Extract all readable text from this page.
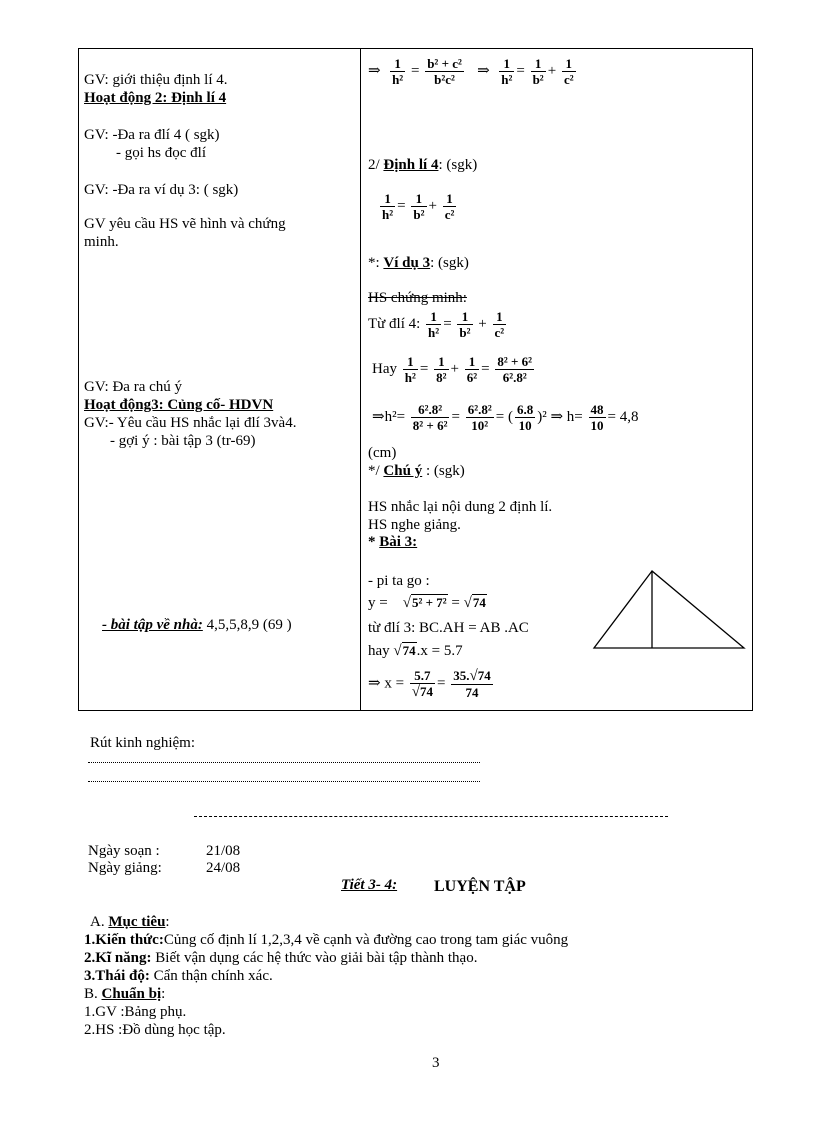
GV: giới thiệu định lí 4.
Hoạt động 2: Định lí 4
GV: -Đa ra đlí 4 ( sgk)
- gọi hs đọc đlí
GV: -Đa ra ví dụ 3: ( sgk)
GV yêu cầu HS vẽ hình và chứng
minh.
GV: Đa ra chú ý
Hoạt động3: Củng cố- HDVN
GV:- Yêu cầu HS nhắc lại đlí 3và4.
- gợi ý : bài tập 3 (tr-69)
- bài tập về nhà: 4,5,5,8,9 (69 )
⇒ $\frac{1}{\text{h²}} = \frac{\text{b² + c²}}{\text{b²c²}}$ ⇒ $\frac{1}{\text{h²}} = \frac{1}{\text{b²}} + \frac{1}{\text{c²}}$
2/ Định lí 4: (sgk)
$\frac{1}{\text{h²}} = \frac{1}{\text{b²}} + \frac{1}{\text{c²}}$
*: Ví dụ 3: (sgk)
HS chứng minh:
Từ đlí 4: $\frac{1}{\text{h²}} = \frac{1}{\text{b²}} + \frac{1}{\text{c²}}$
Hay $\frac{1}{\text{h²}} = \frac{1}{\text{8²}} + \frac{1}{\text{6²}} = \frac{\text{8² + 6²}}{\text{6².8²}}$
⇒h²= $\frac{\text{6².8²}}{\text{8² + 6²}} = \frac{\text{6².8²}}{\text{10²}}$ = ( $\frac{6.8}{10} )^2$ ⇒ $h= \frac{48}{10} = 4,8$
(cm)
*/ Chú ý : (sgk)
HS nhắc lại nội dung 2 định lí.
HS nghe giảng.
* Bài 3:
- pi ta go :
y = √ 5² + 7² = √ 74
từ đlí 3: BC.AH = AB .AC
hay √ 74.x = 5.7
⇒ x = 5.7
√ $74 = \frac{35. √ 74}{74}$
Rút kinh nghiệm:
Ngày soạn :	21/08
Ngày giảng:	24/08
Tiết 3- 4: LUYỆN TẬP
A. Mục tiêu:
1.Kiến thức:Củng cố định lí 1,2,3,4 về cạnh và đường cao trong tam giác vuông
2.Kĩ năng: Biết vận dụng các hệ thức vào giải bài tập thành thạo.
3.Thái độ: Cẩn thận chính xác.
B. Chuẩn bị:
1.GV :Bảng phụ.
2.HS :Đồ dùng học tập.
3
